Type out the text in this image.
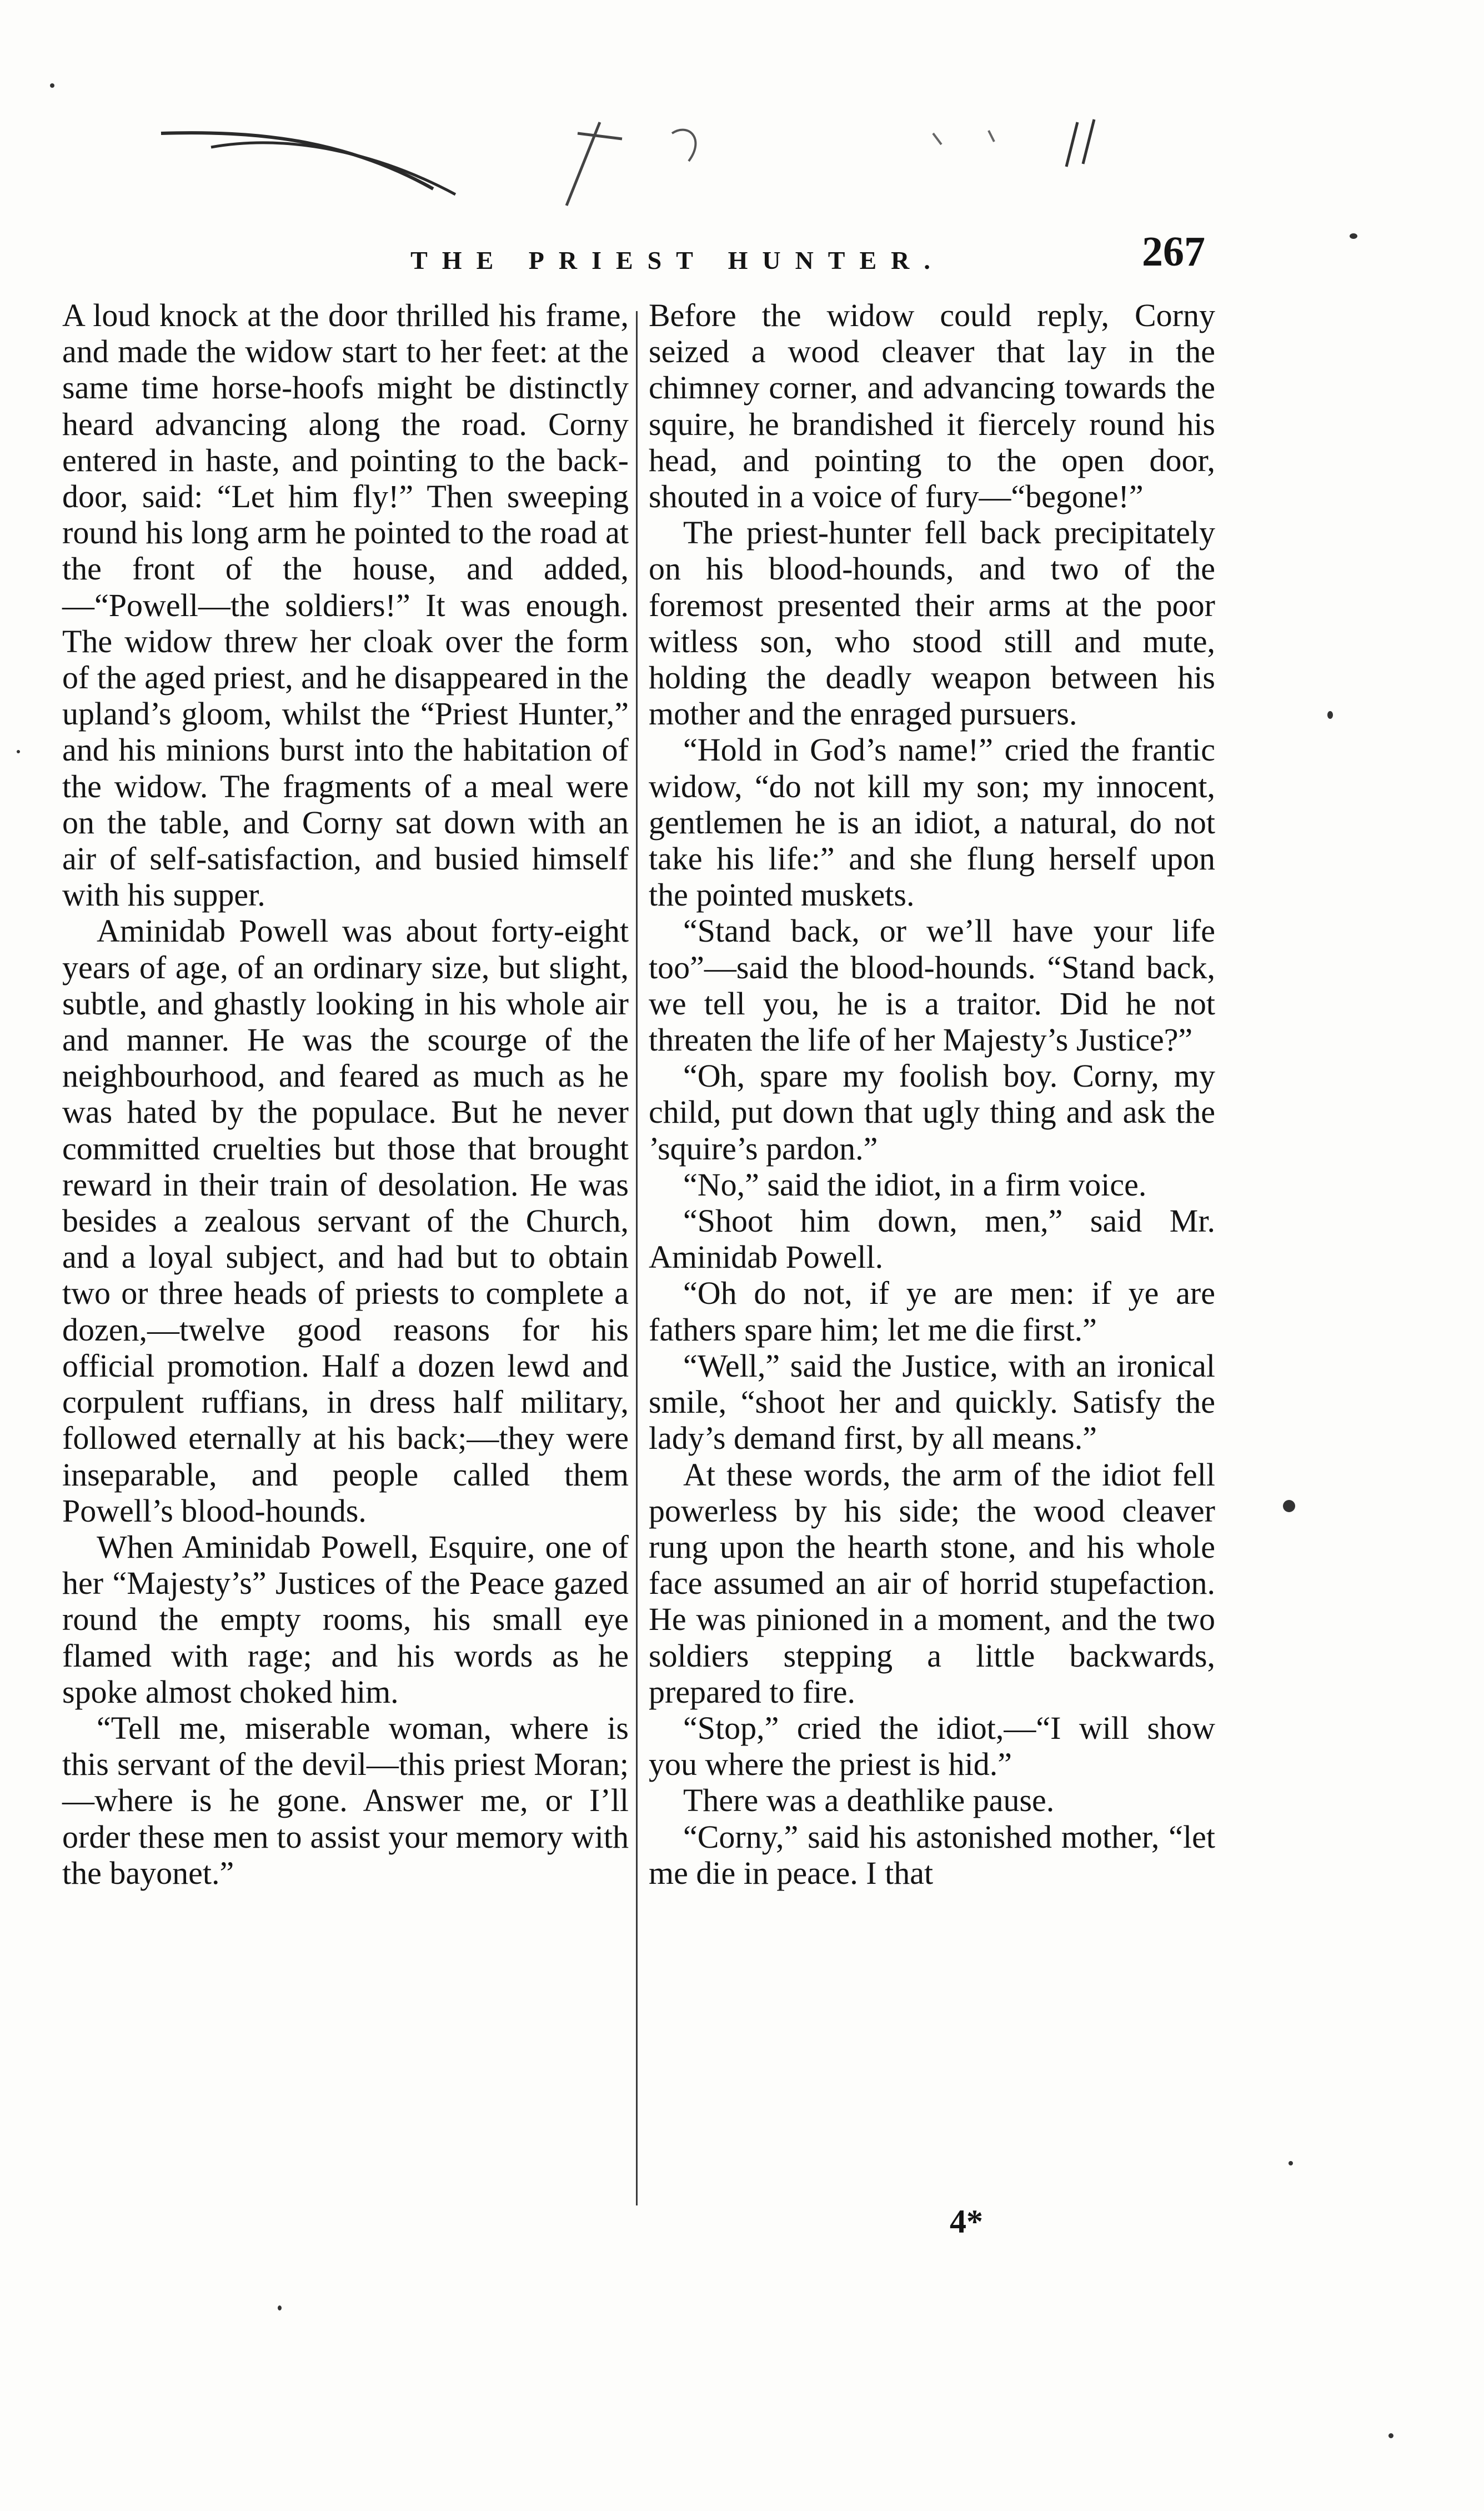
THE PRIEST HUNTER.	267

A loud knock at the door thrilled his frame, and made the widow start to her feet: at the same time horse-hoofs might be distinctly heard advancing along the road. Corny entered in haste, and pointing to the back-door, said: “Let him fly!” Then sweeping round his long arm he pointed to the road at the front of the house, and added,—“Powell—the soldiers!” It was enough. The widow threw her cloak over the form of the aged priest, and he disappeared in the upland’s gloom, whilst the “Priest Hunter,” and his minions burst into the habitation of the widow. The fragments of a meal were on the table, and Corny sat down with an air of self-satisfaction, and busied himself with his supper.

Aminidab Powell was about forty-eight years of age, of an ordinary size, but slight, subtle, and ghastly looking in his whole air and manner. He was the scourge of the neighbourhood, and feared as much as he was hated by the populace. But he never committed cruelties but those that brought reward in their train of desolation. He was besides a zealous servant of the Church, and a loyal subject, and had but to obtain two or three heads of priests to complete a dozen,—twelve good reasons for his official promotion. Half a dozen lewd and corpulent ruffians, in dress half military, followed eternally at his back;—they were inseparable, and people called them Powell’s blood-hounds.

When Aminidab Powell, Esquire, one of her “Majesty’s” Justices of the Peace gazed round the empty rooms, his small eye flamed with rage; and his words as he spoke almost choked him.

“Tell me, miserable woman, where is this servant of the devil—this priest Moran;—where is he gone. Answer me, or I’ll order these men to assist your memory with the bayonet.”

Before the widow could reply, Corny seized a wood cleaver that lay in the chimney corner, and advancing towards the squire, he brandished it fiercely round his head, and pointing to the open door, shouted in a voice of fury—“begone!”

The priest-hunter fell back precipitately on his blood-hounds, and two of the foremost presented their arms at the poor witless son, who stood still and mute, holding the deadly weapon between his mother and the enraged pursuers.

“Hold in God’s name!” cried the frantic widow, “do not kill my son; my innocent, gentlemen he is an idiot, a natural, do not take his life:” and she flung herself upon the pointed muskets.

“Stand back, or we’ll have your life too”—said the blood-hounds. “Stand back, we tell you, he is a traitor. Did he not threaten the life of her Majesty’s Justice?”

“Oh, spare my foolish boy. Corny, my child, put down that ugly thing and ask the ’squire’s pardon.”

“No,” said the idiot, in a firm voice.

“Shoot him down, men,” said Mr. Aminidab Powell.

“Oh do not, if ye are men: if ye are fathers spare him; let me die first.”

“Well,” said the Justice, with an ironical smile, “shoot her and quickly. Satisfy the lady’s demand first, by all means.”

At these words, the arm of the idiot fell powerless by his side; the wood cleaver rung upon the hearth stone, and his whole face assumed an air of horrid stupefaction. He was pinioned in a moment, and the two soldiers stepping a little backwards, prepared to fire.

“Stop,” cried the idiot,—“I will show you where the priest is hid.”

There was a deathlike pause.

“Corny,” said his astonished mother, “let me die in peace. I that

4*
